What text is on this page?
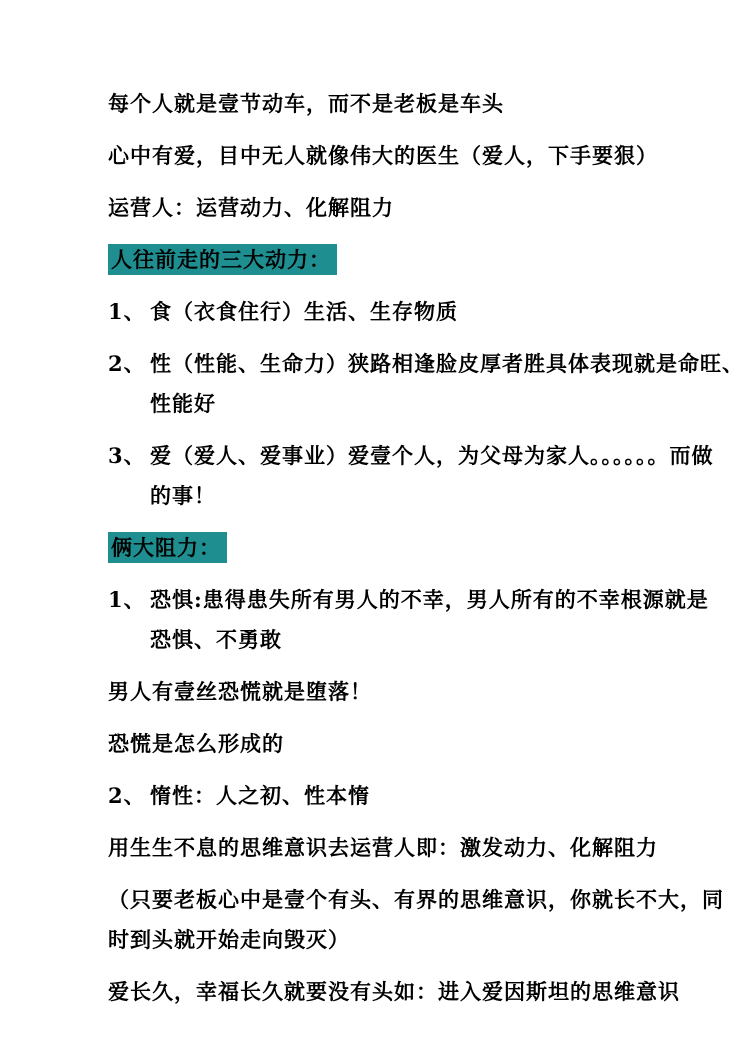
每个人就是壹节动车，而不是老板是车头

心中有爱，目中无人就像伟大的医生（爱人，下手要狠）

运营人：运营动力、化解阻力

人往前走的三大动力：

1、 食（衣食住行）生活、生存物质
2、 性（性能、生命力）狭路相逢脸皮厚者胜具体表现就是命旺、
性能好
3、 爱（爱人、爱事业）爱壹个人，为父母为家人。。。。。。而做
的事！

俩大阻力：

1、 恐惧:患得患失所有男人的不幸，男人所有的不幸根源就是
恐惧、不勇敢

男人有壹丝恐慌就是堕落！

恐慌是怎么形成的

2、 惰性：人之初、性本惰

用生生不息的思维意识去运营人即：激发动力、化解阻力

（只要老板心中是壹个有头、有界的思维意识，你就长不大，同
时到头就开始走向毁灭）

爱长久，幸福长久就要没有头如：进入爱因斯坦的思维意识
